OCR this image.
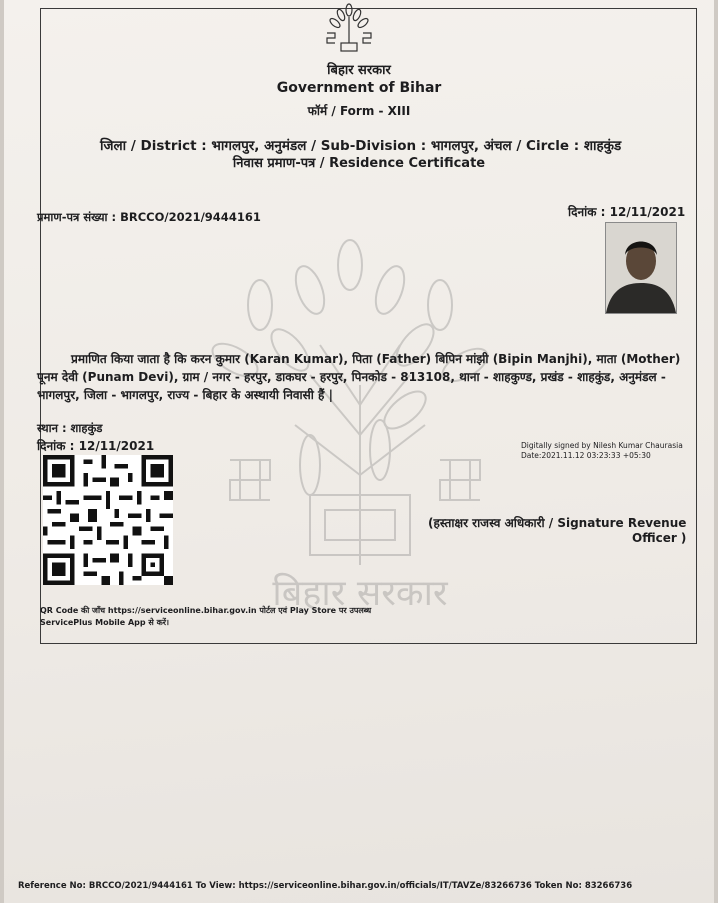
बिहार सरकार
बिहार सरकार
Government of Bihar
फॉर्म / Form - XIII
जिला / District : भागलपुर, अनुमंडल / Sub-Division : भागलपुर, अंचल / Circle : शाहकुंड
निवास प्रमाण-पत्र / Residence Certificate
प्रमाण-पत्र संख्या : BRCCO/2021/9444161	दिनांक : 12/11/2021
प्रमाणित किया जाता है कि करन कुमार (Karan Kumar), पिता (Father) बिपिन मांझी (Bipin Manjhi), माता (Mother) पूनम देवी (Punam Devi), ग्राम / नगर - हरपुर, डाकघर - हरपुर, पिनकोड - 813108, थाना - शाहकुण्ड, प्रखंड - शाहकुंड, अनुमंडल - भागलपुर, जिला - भागलपुर, राज्य - बिहार के अस्थायी निवासी हैं |
स्थान : शाहकुंड
दिनांक : 12/11/2021	Digitally signed by Nilesh Kumar Chaurasia
Date:2021.11.12 03:23:33 +05:30
(हस्ताक्षर राजस्व अधिकारी / Signature Revenue
Officer )
QR Code की जाँच https://serviceonline.bihar.gov.in पोर्टल एवं Play Store पर उपलब्ध
ServicePlus Mobile App से करें।
Reference No: BRCCO/2021/9444161 To View: https://serviceonline.bihar.gov.in/officials/IT/TAVZe/83266736 Token No: 83266736
